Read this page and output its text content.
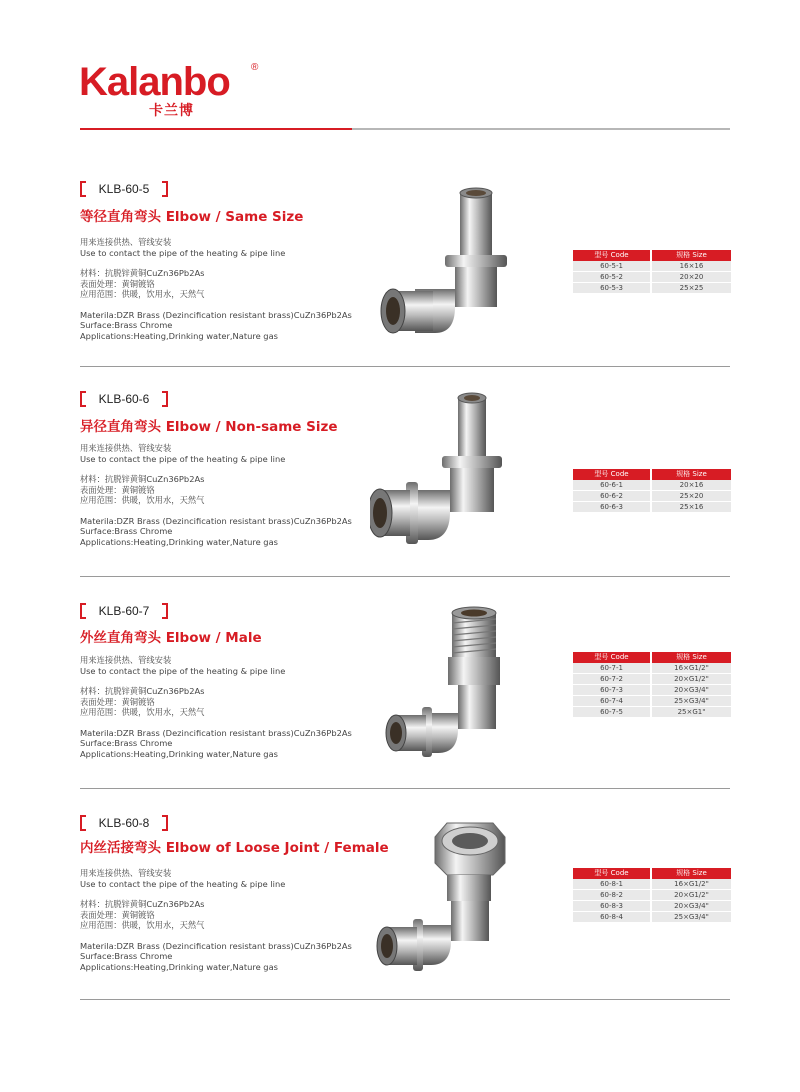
Kalanbo ®
卡兰博
KLB-60-5
等径直角弯头 Elbow / Same Size

用来连接供热、管线安装

Use to contact the pipe of the heating & pipe line

材料：抗脱锌黄铜CuZn36Pb2As

表面处理：黄铜镀铬

应用范围：供暖，饮用水，天然气

Materila:DZR Brass (Dezincification resistant brass)CuZn36Pb2As

Surface:Brass Chrome

Applications:Heating,Drinking water,Nature gas

型号 Code	规格 Size
60-5-1	16×16
60-5-2	20×20
60-5-3	25×25
KLB-60-6
异径直角弯头 Elbow / Non-same Size

用来连接供热、管线安装

Use to contact the pipe of the heating & pipe line

材料：抗脱锌黄铜CuZn36Pb2As

表面处理：黄铜镀铬

应用范围：供暖，饮用水，天然气

Materila:DZR Brass (Dezincification resistant brass)CuZn36Pb2As

Surface:Brass Chrome

Applications:Heating,Drinking water,Nature gas

型号 Code	规格 Size
60-6-1	20×16
60-6-2	25×20
60-6-3	25×16
KLB-60-7
外丝直角弯头 Elbow / Male

用来连接供热、管线安装

Use to contact the pipe of the heating & pipe line

材料：抗脱锌黄铜CuZn36Pb2As

表面处理：黄铜镀铬

应用范围：供暖，饮用水，天然气

Materila:DZR Brass (Dezincification resistant brass)CuZn36Pb2As

Surface:Brass Chrome

Applications:Heating,Drinking water,Nature gas

型号 Code	规格 Size
60-7-1	16×G1/2"
60-7-2	20×G1/2"
60-7-3	20×G3/4"
60-7-4	25×G3/4"
60-7-5	25×G1"
KLB-60-8
内丝活接弯头 Elbow of Loose Joint / Female

用来连接供热、管线安装

Use to contact the pipe of the heating & pipe line

材料：抗脱锌黄铜CuZn36Pb2As

表面处理：黄铜镀铬

应用范围：供暖，饮用水，天然气

Materila:DZR Brass (Dezincification resistant brass)CuZn36Pb2As

Surface:Brass Chrome

Applications:Heating,Drinking water,Nature gas

型号 Code	规格 Size
60-8-1	16×G1/2"
60-8-2	20×G1/2"
60-8-3	20×G3/4"
60-8-4	25×G3/4"
